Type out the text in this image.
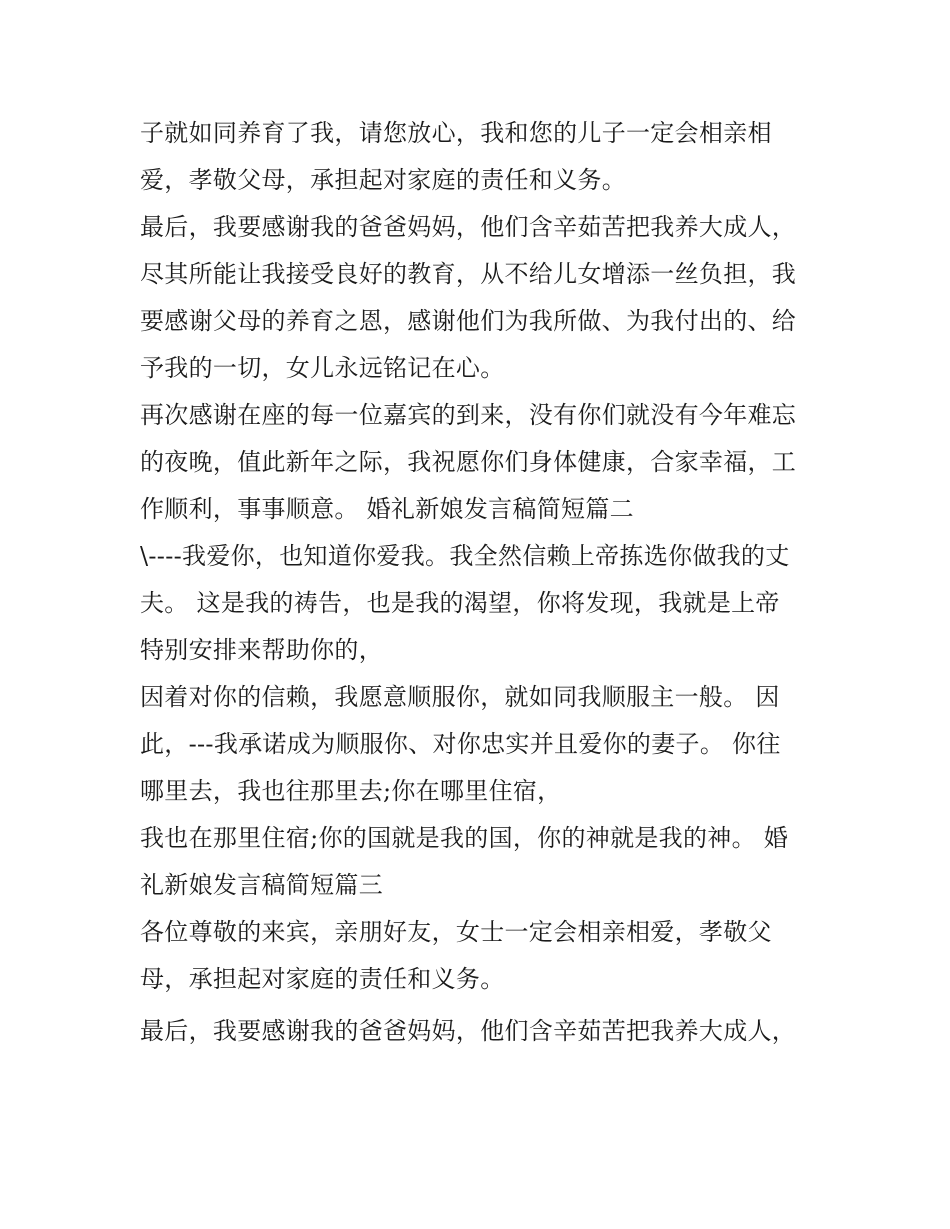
子就如同养育了我，请您放心，我和您的儿子一定会相亲相
爱，孝敬父母，承担起对家庭的责任和义务。
最后，我要感谢我的爸爸妈妈，他们含辛茹苦把我养大成人，
尽其所能让我接受良好的教育，从不给儿女增添一丝负担，我
要感谢父母的养育之恩，感谢他们为我所做、为我付出的、给
予我的一切，女儿永远铭记在心。
再次感谢在座的每一位嘉宾的到来，没有你们就没有今年难忘
的夜晚，值此新年之际，我祝愿你们身体健康，合家幸福，工
作顺利，事事顺意。 婚礼新娘发言稿简短篇二
\----我爱你，也知道你爱我。我全然信赖上帝拣选你做我的丈
夫。 这是我的祷告，也是我的渴望，你将发现，我就是上帝
特别安排来帮助你的，
因着对你的信赖，我愿意顺服你，就如同我顺服主一般。 因
此，---我承诺成为顺服你、对你忠实并且爱你的妻子。 你往
哪里去，我也往那里去;你在哪里住宿，
我也在那里住宿;你的国就是我的国，你的神就是我的神。 婚
礼新娘发言稿简短篇三
各位尊敬的来宾，亲朋好友，女士一定会相亲相爱，孝敬父
母，承担起对家庭的责任和义务。
最后，我要感谢我的爸爸妈妈，他们含辛茹苦把我养大成人，
